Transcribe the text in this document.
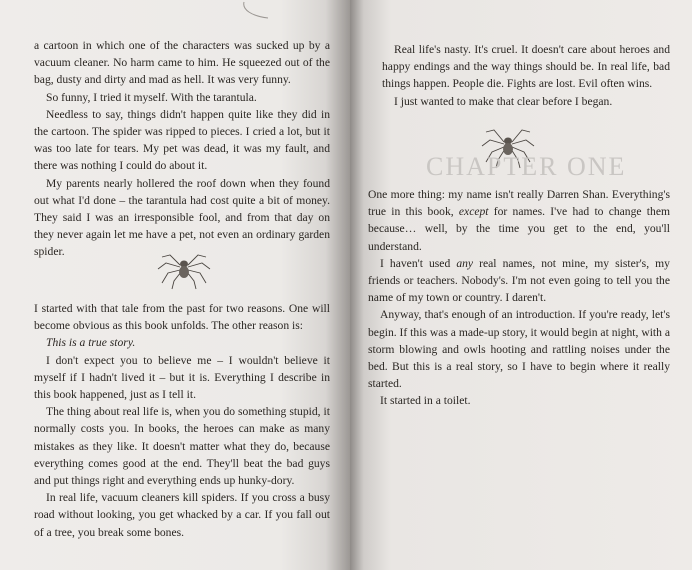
a cartoon in which one of the characters was sucked up by a vacuum cleaner. No harm came to him. He squeezed out of the bag, dusty and dirty and mad as hell. It was very funny.

So funny, I tried it myself. With the tarantula.

Needless to say, things didn't happen quite like they did in the cartoon. The spider was ripped to pieces. I cried a lot, but it was too late for tears. My pet was dead, it was my fault, and there was nothing I could do about it.

My parents nearly hollered the roof down when they found out what I'd done – the tarantula had cost quite a bit of money. They said I was an irresponsible fool, and from that day on they never again let me have a pet, not even an ordinary garden spider.

I started with that tale from the past for two reasons. One will become obvious as this book unfolds. The other reason is:

This is a true story.

I don't expect you to believe me – I wouldn't believe it myself if I hadn't lived it – but it is. Everything I describe in this book happened, just as I tell it.

The thing about real life is, when you do something stupid, it normally costs you. In books, the heroes can make as many mistakes as they like. It doesn't matter what they do, because everything comes good at the end. They'll beat the bad guys and put things right and everything ends up hunky-dory.

In real life, vacuum cleaners kill spiders. If you cross a busy road without looking, you get whacked by a car. If you fall out of a tree, you break some bones.

Real life's nasty. It's cruel. It doesn't care about heroes and happy endings and the way things should be. In real life, bad things happen. People die. Fights are lost. Evil often wins.

I just wanted to make that clear before I began.

CHAPTER ONE

One more thing: my name isn't really Darren Shan. Everything's true in this book, except for names. I've had to change them because… well, by the time you get to the end, you'll understand.

I haven't used any real names, not mine, my sister's, my friends or teachers. Nobody's. I'm not even going to tell you the name of my town or country. I daren't.

Anyway, that's enough of an introduction. If you're ready, let's begin. If this was a made-up story, it would begin at night, with a storm blowing and owls hooting and rattling noises under the bed. But this is a real story, so I have to begin where it really started.

It started in a toilet.
